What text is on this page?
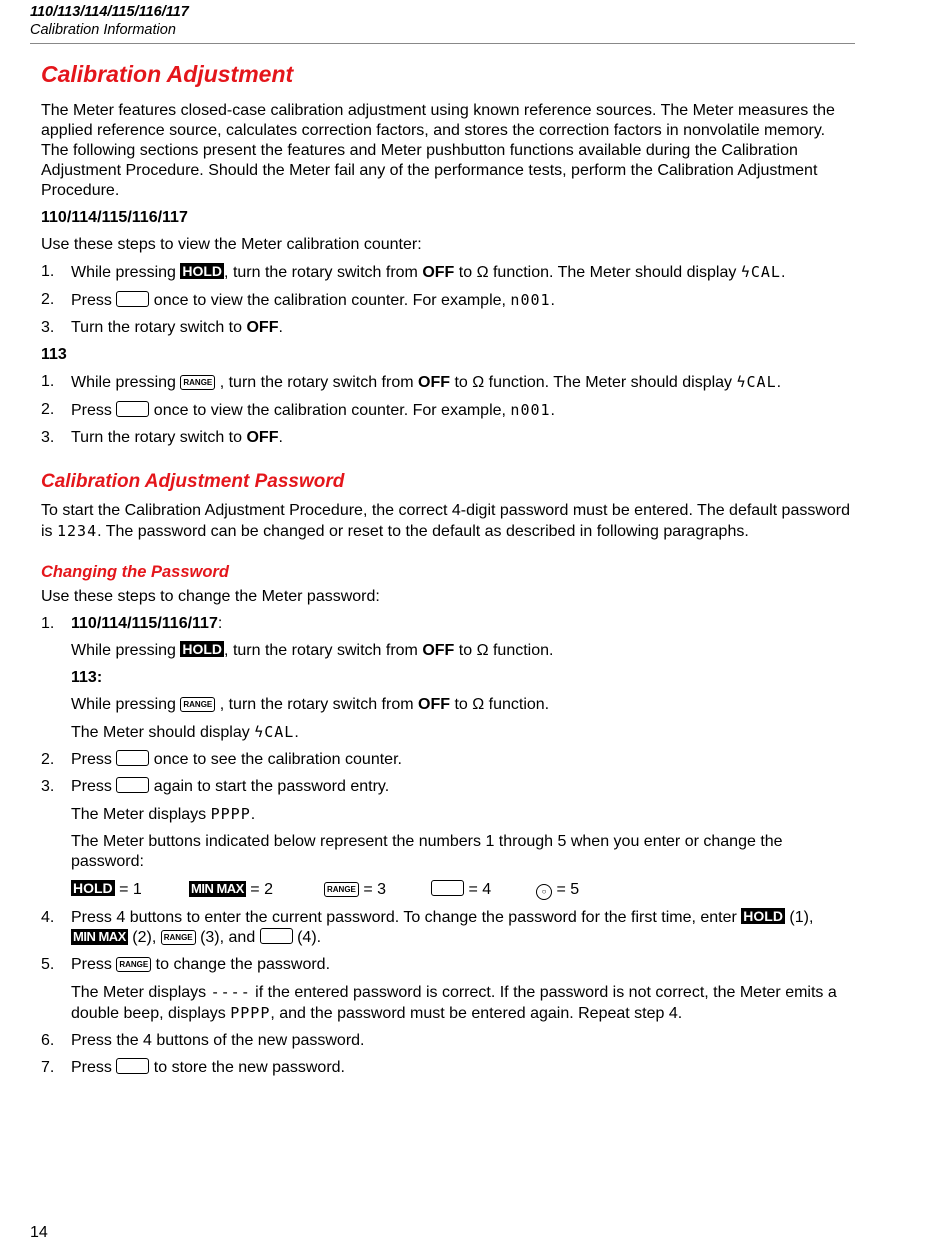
110/113/114/115/116/117
Calibration Information
Calibration Adjustment

The Meter features closed-case calibration adjustment using known reference sources. The Meter measures the applied reference source, calculates correction factors, and stores the correction factors in nonvolatile memory. The following sections present the features and Meter pushbutton functions available during the Calibration Adjustment Procedure. Should the Meter fail any of the performance tests, perform the Calibration Adjustment Procedure.

110/114/115/116/117

Use these steps to view the Meter calibration counter:

1. While pressing HOLD , turn the rotary switch from OFF to Ω function. The Meter should display ϟCAL.
2. Press  once to view the calibration counter. For example, n001.
3. Turn the rotary switch to OFF.

113

1. While pressing RANGE , turn the rotary switch from OFF to Ω function. The Meter should display ϟCAL.
2. Press  once to view the calibration counter. For example, n001.
3. Turn the rotary switch to OFF.
Calibration Adjustment Password

To start the Calibration Adjustment Procedure, the correct 4-digit password must be entered. The default password is 1234. The password can be changed or reset to the default as described in following paragraphs.

Changing the Password

Use these steps to change the Meter password:

1. 110/114/115/116/117:
While pressing HOLD , turn the rotary switch from OFF to Ω function.
113:
While pressing RANGE , turn the rotary switch from OFF to Ω function.
The Meter should display ϟCAL.
2. Press  once to see the calibration counter.
3. Press  again to start the password entry.
The Meter displays PPPP.
The Meter buttons indicated below represent the numbers 1 through 5 when you enter or change the password:
HOLD = 1	MIN MAX = 2	RANGE = 3	= 4	○ = 5
4. Press 4 buttons to enter the current password. To change the password for the first time, enter HOLD (1), MIN MAX (2), RANGE (3), and  (4).
5. Press RANGE to change the password.
The Meter displays ---- if the entered password is correct. If the password is not correct, the Meter emits a double beep, displays PPPP, and the password must be entered again. Repeat step 4.
6. Press the 4 buttons of the new password.
7. Press  to store the new password.
14
